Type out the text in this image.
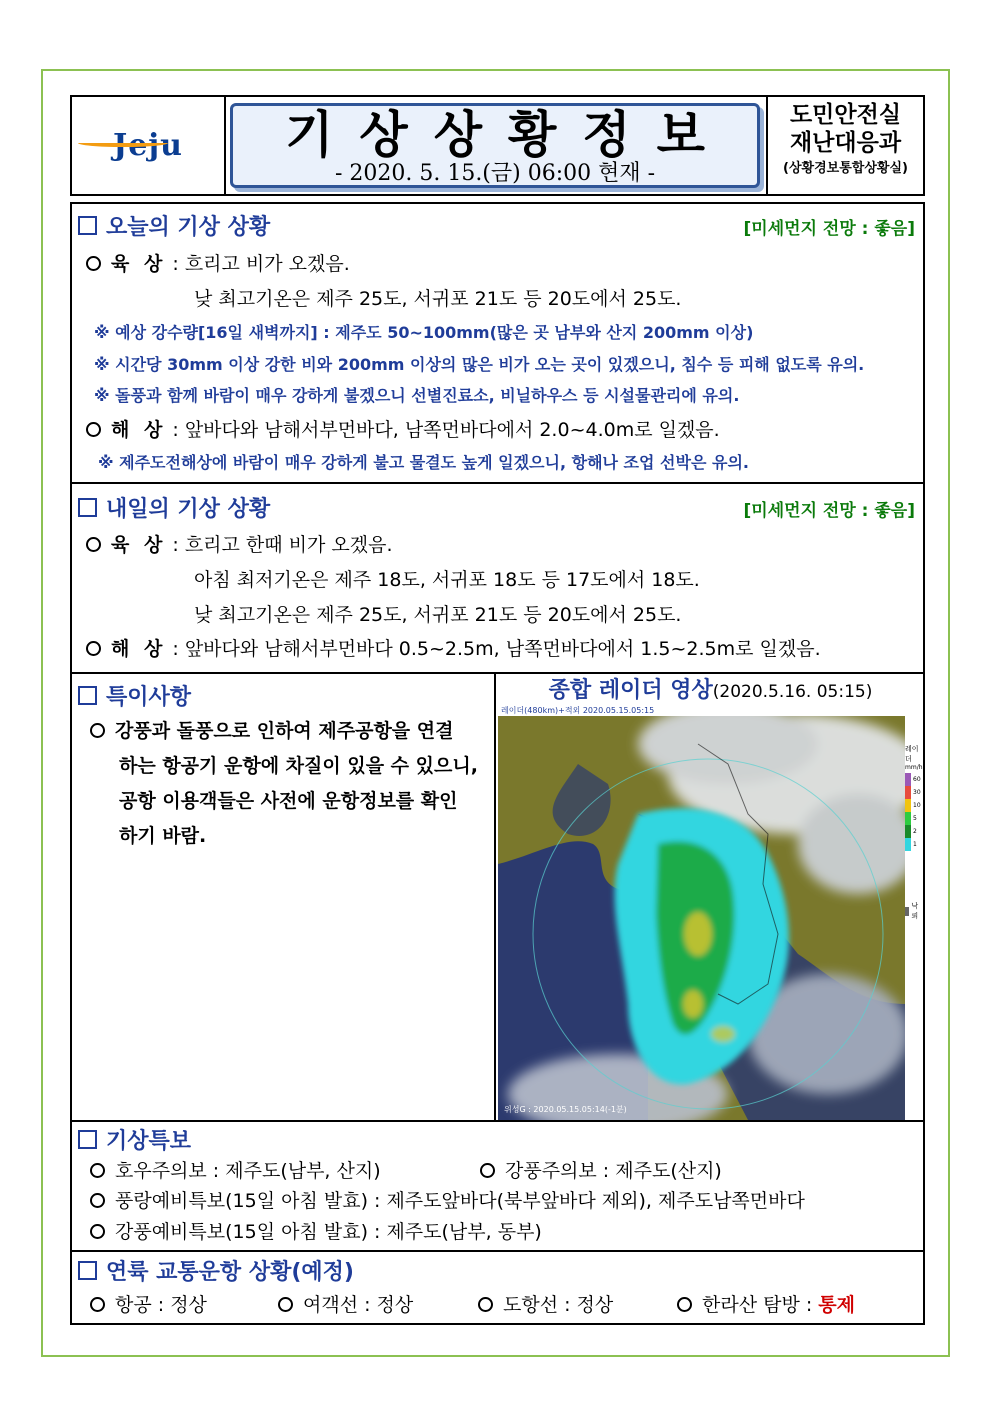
Jeju	기상상황정보
- 2020. 5. 15.(금) 06:00 현재 -
도민안전실
재난대응과
(상황경보통합상황실)
오늘의 기상 상황	[미세먼지 전망 : 좋음]
육 상 : 흐리고 비가 오겠음.
낮 최고기온은 제주 25도, 서귀포 21도 등 20도에서 25도.
※ 예상 강수량[16일 새벽까지] : 제주도 50~100mm(많은 곳 남부와 산지 200mm 이상)
※ 시간당 30mm 이상 강한 비와 200mm 이상의 많은 비가 오는 곳이 있겠으니, 침수 등 피해 없도록 유의.
※ 돌풍과 함께 바람이 매우 강하게 불겠으니 선별진료소, 비닐하우스 등 시설물관리에 유의.
해 상 : 앞바다와 남해서부먼바다, 남쪽먼바다에서 2.0~4.0m로 일겠음.
※ 제주도전해상에 바람이 매우 강하게 불고 물결도 높게 일겠으니, 항해나 조업 선박은 유의.
내일의 기상 상황	[미세먼지 전망 : 좋음]
육 상 : 흐리고 한때 비가 오겠음.
아침 최저기온은 제주 18도, 서귀포 18도 등 17도에서 18도.
낮 최고기온은 제주 25도, 서귀포 21도 등 20도에서 25도.
해 상 : 앞바다와 남해서부먼바다 0.5~2.5m, 남쪽먼바다에서 1.5~2.5m로 일겠음.
특이사항
강풍과 돌풍으로 인하여 제주공항을 연결
하는 항공기 운항에 차질이 있을 수 있으니,
공항 이용객들은 사전에 운항정보를 확인
하기 바람.
종합 레이더 영상(2020.5.16. 05:15)
레이더(480km)+적외 2020.05.15.05:15
위성G : 2020.05.15.05:14(-1분)
레이더
mm/h
60
30
10
5
2
1
낙뢰
기상특보
호우주의보 : 제주도(남부, 산지)	강풍주의보 : 제주도(산지)
풍랑예비특보(15일 아침 발효) : 제주도앞바다(북부앞바다 제외), 제주도남쪽먼바다
강풍예비특보(15일 아침 발효) : 제주도(남부, 동부)
연륙 교통운항 상황(예정)
항공 : 정상	여객선 : 정상	도항선 : 정상	한라산 탐방 : 통제
